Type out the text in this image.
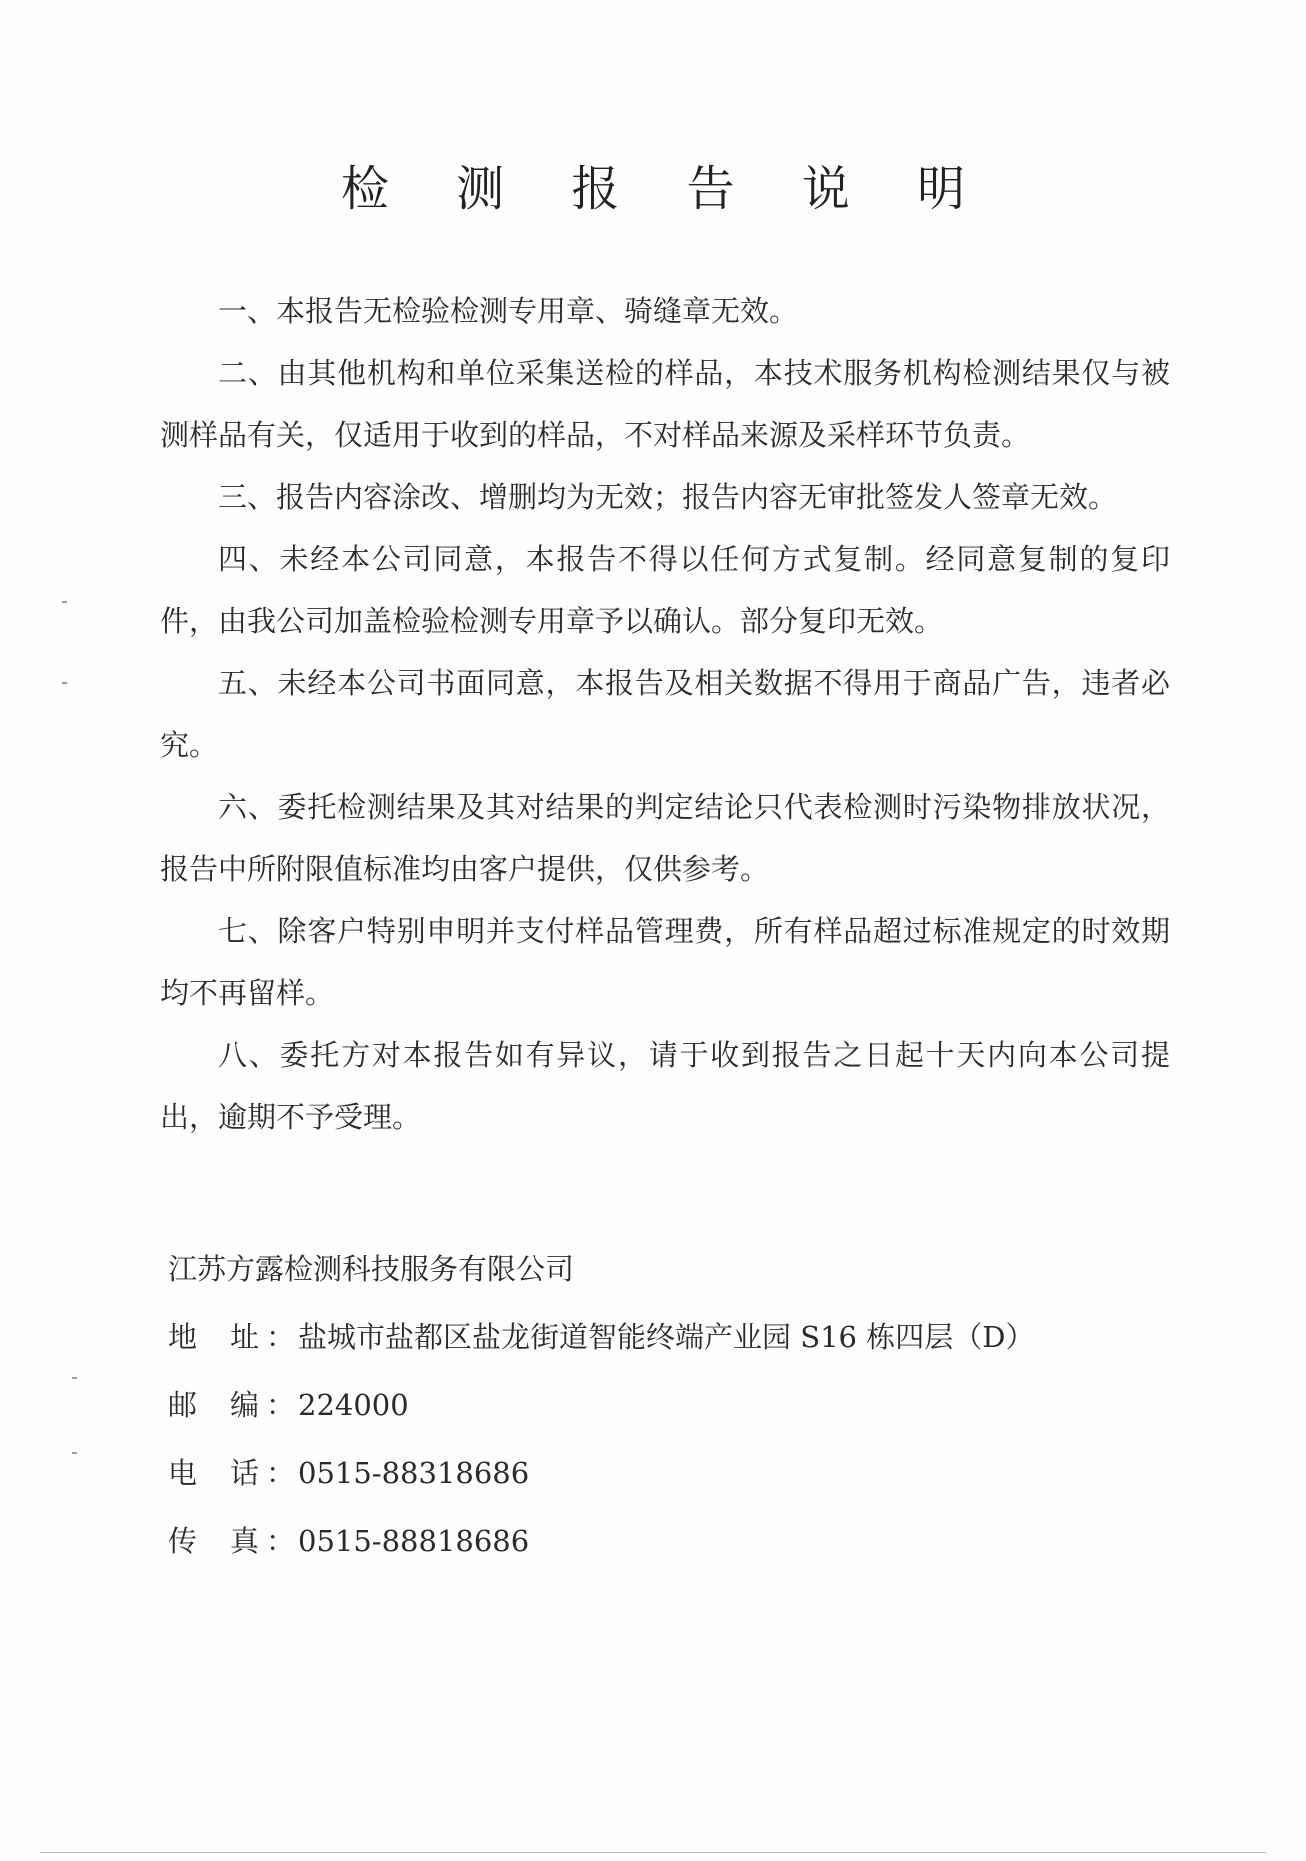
检 测 报 告 说 明

一、本报告无检验检测专用章、骑缝章无效。

二、由其他机构和单位采集送检的样品，本技术服务机构检测结果仅与被测样品有关，仅适用于收到的样品，不对样品来源及采样环节负责。

三、报告内容涂改、增删均为无效；报告内容无审批签发人签章无效。

四、未经本公司同意，本报告不得以任何方式复制。经同意复制的复印件，由我公司加盖检验检测专用章予以确认。部分复印无效。

五、未经本公司书面同意，本报告及相关数据不得用于商品广告，违者必究。

六、委托检测结果及其对结果的判定结论只代表检测时污染物排放状况，报告中所附限值标准均由客户提供，仅供参考。

七、除客户特别申明并支付样品管理费，所有样品超过标准规定的时效期均不再留样。

八、委托方对本报告如有异议，请于收到报告之日起十天内向本公司提出，逾期不予受理。

江苏方露检测科技服务有限公司
地 址 ： 盐城市盐都区盐龙街道智能终端产业园 S16 栋四层（D）
邮 编 ： 224000
电 话 ： 0515-88318686
传 真 ： 0515-88818686
